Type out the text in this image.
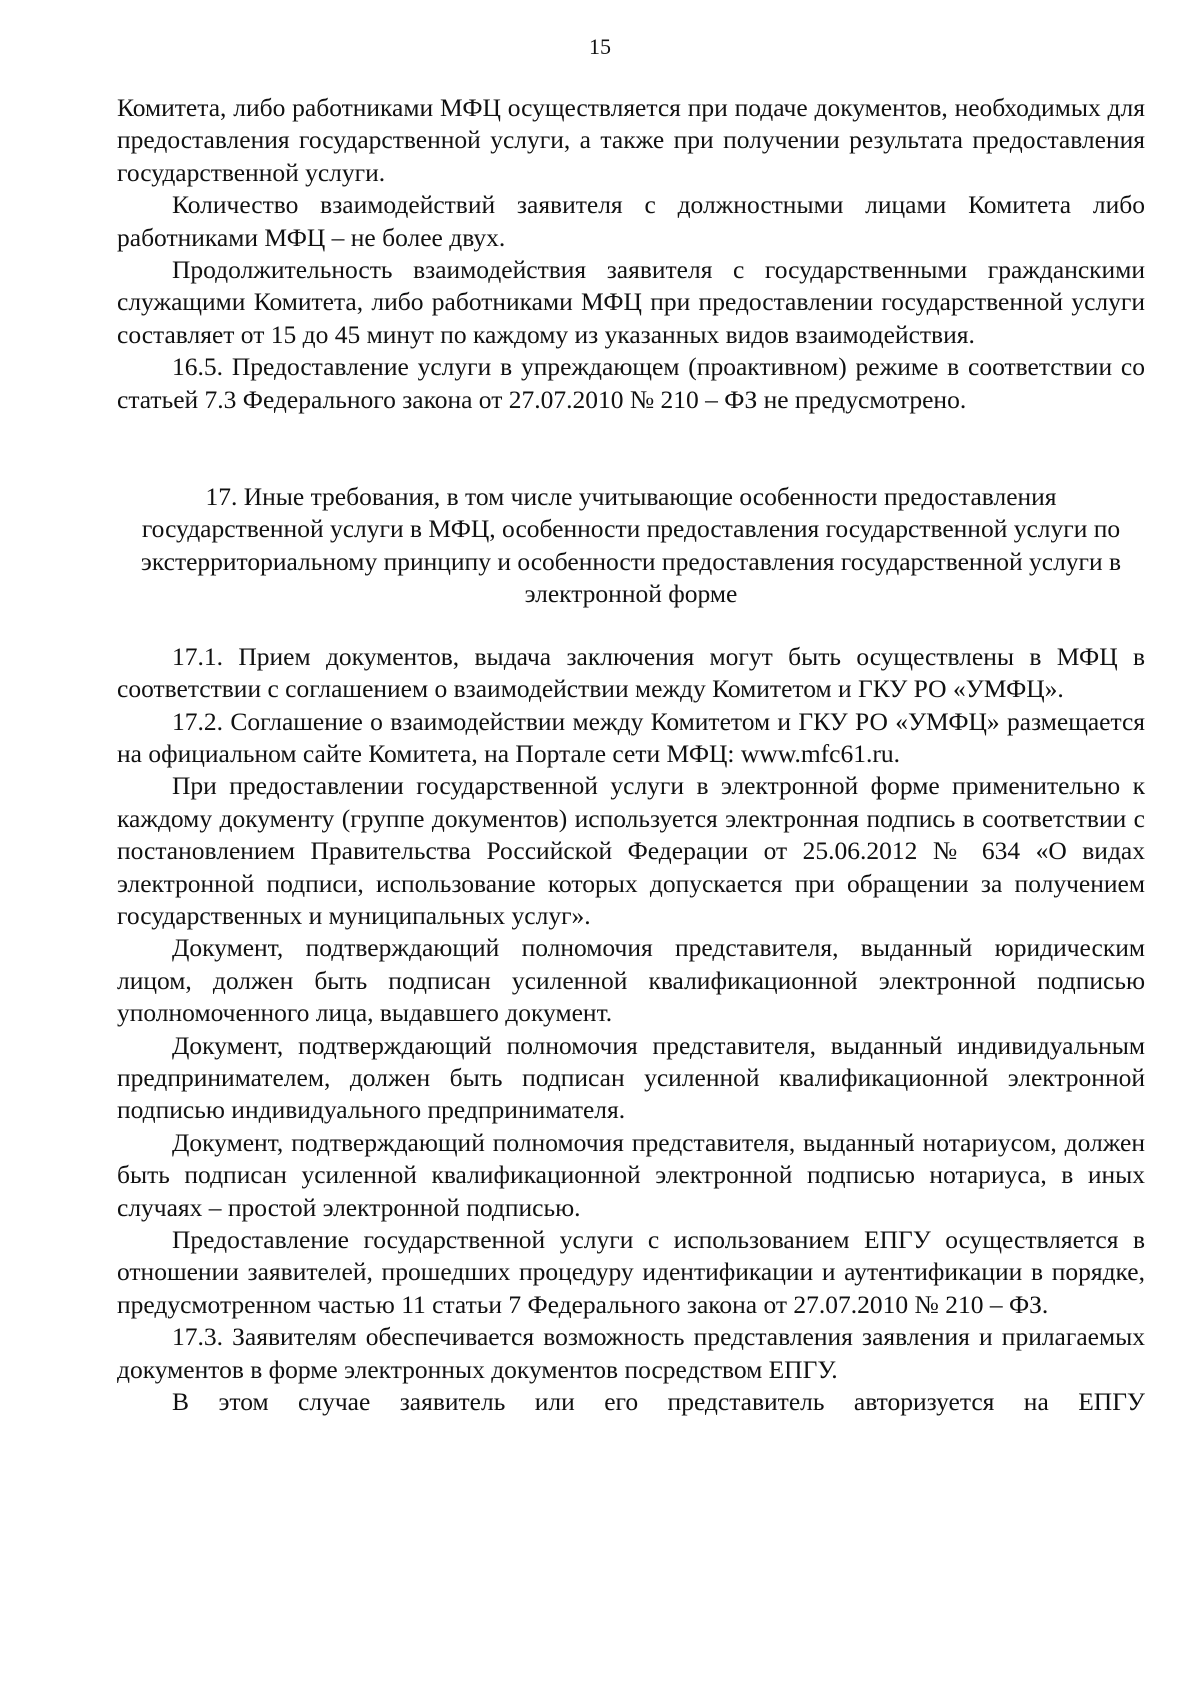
15

Комитета, либо работниками МФЦ осуществляется при подаче документов, необходимых для предоставления государственной услуги, а также при получении результата предоставления государственной услуги.

Количество взаимодействий заявителя с должностными лицами Комитета либо работниками МФЦ – не более двух.

Продолжительность взаимодействия заявителя с государственными гражданскими служащими Комитета, либо работниками МФЦ при предоставлении государственной услуги составляет от 15 до 45 минут по каждому из указанных видов взаимодействия.

16.5. Предоставление услуги в упреждающем (проактивном) режиме в соответствии со статьей 7.3 Федерального закона от 27.07.2010 № 210 – ФЗ не предусмотрено.

17. Иные требования, в том числе учитывающие особенности предоставления государственной услуги в МФЦ, особенности предоставления государственной услуги по экстерриториальному принципу и особенности предоставления государственной услуги в электронной форме

17.1. Прием документов, выдача заключения могут быть осуществлены в МФЦ в соответствии с соглашением о взаимодействии между Комитетом и ГКУ РО «УМФЦ».

17.2. Соглашение о взаимодействии между Комитетом и ГКУ РО «УМФЦ» размещается на официальном сайте Комитета, на Портале сети МФЦ: www.mfc61.ru.

При предоставлении государственной услуги в электронной форме применительно к каждому документу (группе документов) используется электронная подпись в соответствии с постановлением Правительства Российской Федерации от 25.06.2012 № 634 «О видах электронной подписи, использование которых допускается при обращении за получением государственных и муниципальных услуг».

Документ, подтверждающий полномочия представителя, выданный юридическим лицом, должен быть подписан усиленной квалификационной электронной подписью уполномоченного лица, выдавшего документ.

Документ, подтверждающий полномочия представителя, выданный индивидуальным предпринимателем, должен быть подписан усиленной квалификационной электронной подписью индивидуального предпринимателя.

Документ, подтверждающий полномочия представителя, выданный нотариусом, должен быть подписан усиленной квалификационной электронной подписью нотариуса, в иных случаях – простой электронной подписью.

Предоставление государственной услуги с использованием ЕПГУ осуществляется в отношении заявителей, прошедших процедуру идентификации и аутентификации в порядке, предусмотренном частью 11 статьи 7 Федерального закона от 27.07.2010 № 210 – ФЗ.

17.3. Заявителям обеспечивается возможность представления заявления и прилагаемых документов в форме электронных документов посредством ЕПГУ.

В этом случае заявитель или его представитель авторизуется на ЕПГУ
